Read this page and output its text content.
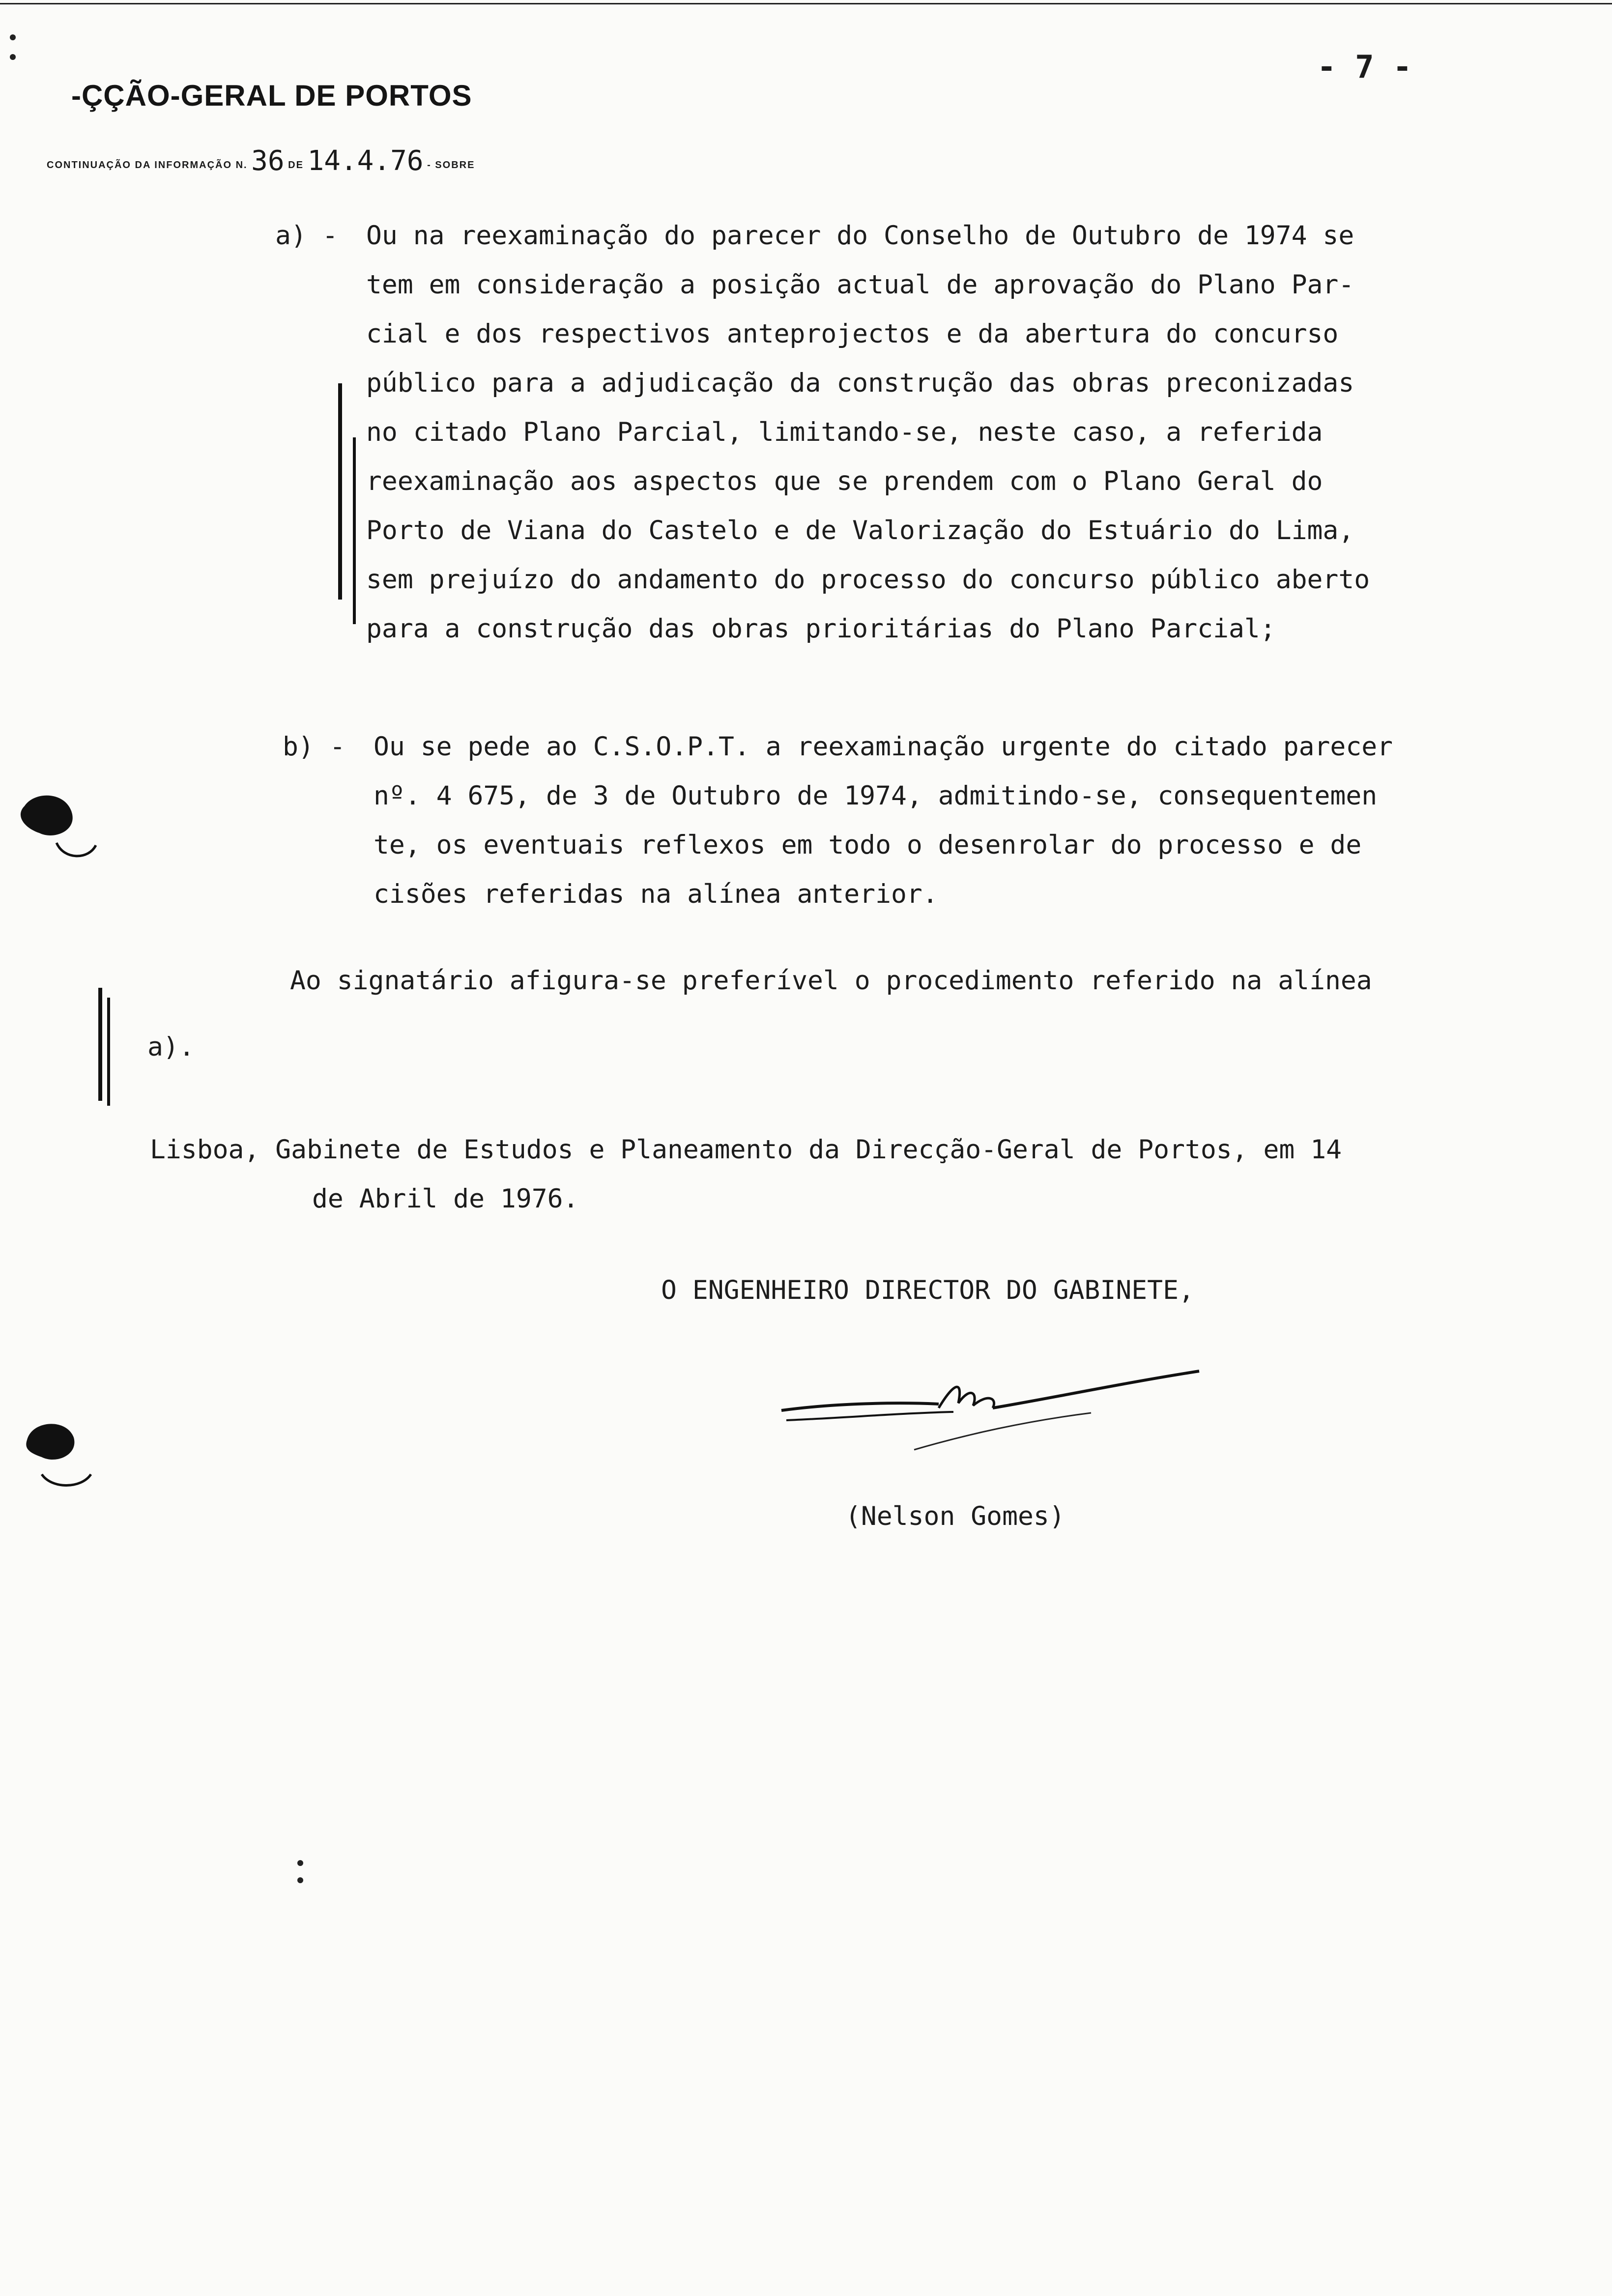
-ÇÇÃO-GERAL DE PORTOS
CONTINUAÇÃO DA INFORMAÇÃO N. 36 DE 14.4.76 - SOBRE
- 7 -
a) - Ou na reexaminação do parecer do Conselho de Outubro de 1974 se
tem em consideração a posição actual de aprovação do Plano Par-
cial e dos respectivos anteprojectos e da abertura do concurso
público para a adjudicação da construção das obras preconizadas
no citado Plano Parcial, limitando-se, neste caso, a referida
reexaminação aos aspectos que se prendem com o Plano Geral do
Porto de Viana do Castelo e de Valorização do Estuário do Lima,
sem prejuízo do andamento do processo do concurso público aberto
para a construção das obras prioritárias do Plano Parcial;
b) - Ou se pede ao C.S.O.P.T. a reexaminação urgente do citado parecer
nº. 4 675, de 3 de Outubro de 1974, admitindo-se, consequentemen
te, os eventuais reflexos em todo o desenrolar do processo e de
cisões referidas na alínea anterior.
Ao signatário afigura-se preferível o procedimento referido na alínea
a).
Lisboa, Gabinete de Estudos e Planeamento da Direcção-Geral de Portos, em 14
de Abril de 1976.
O ENGENHEIRO DIRECTOR DO GABINETE,
(Nelson Gomes)
